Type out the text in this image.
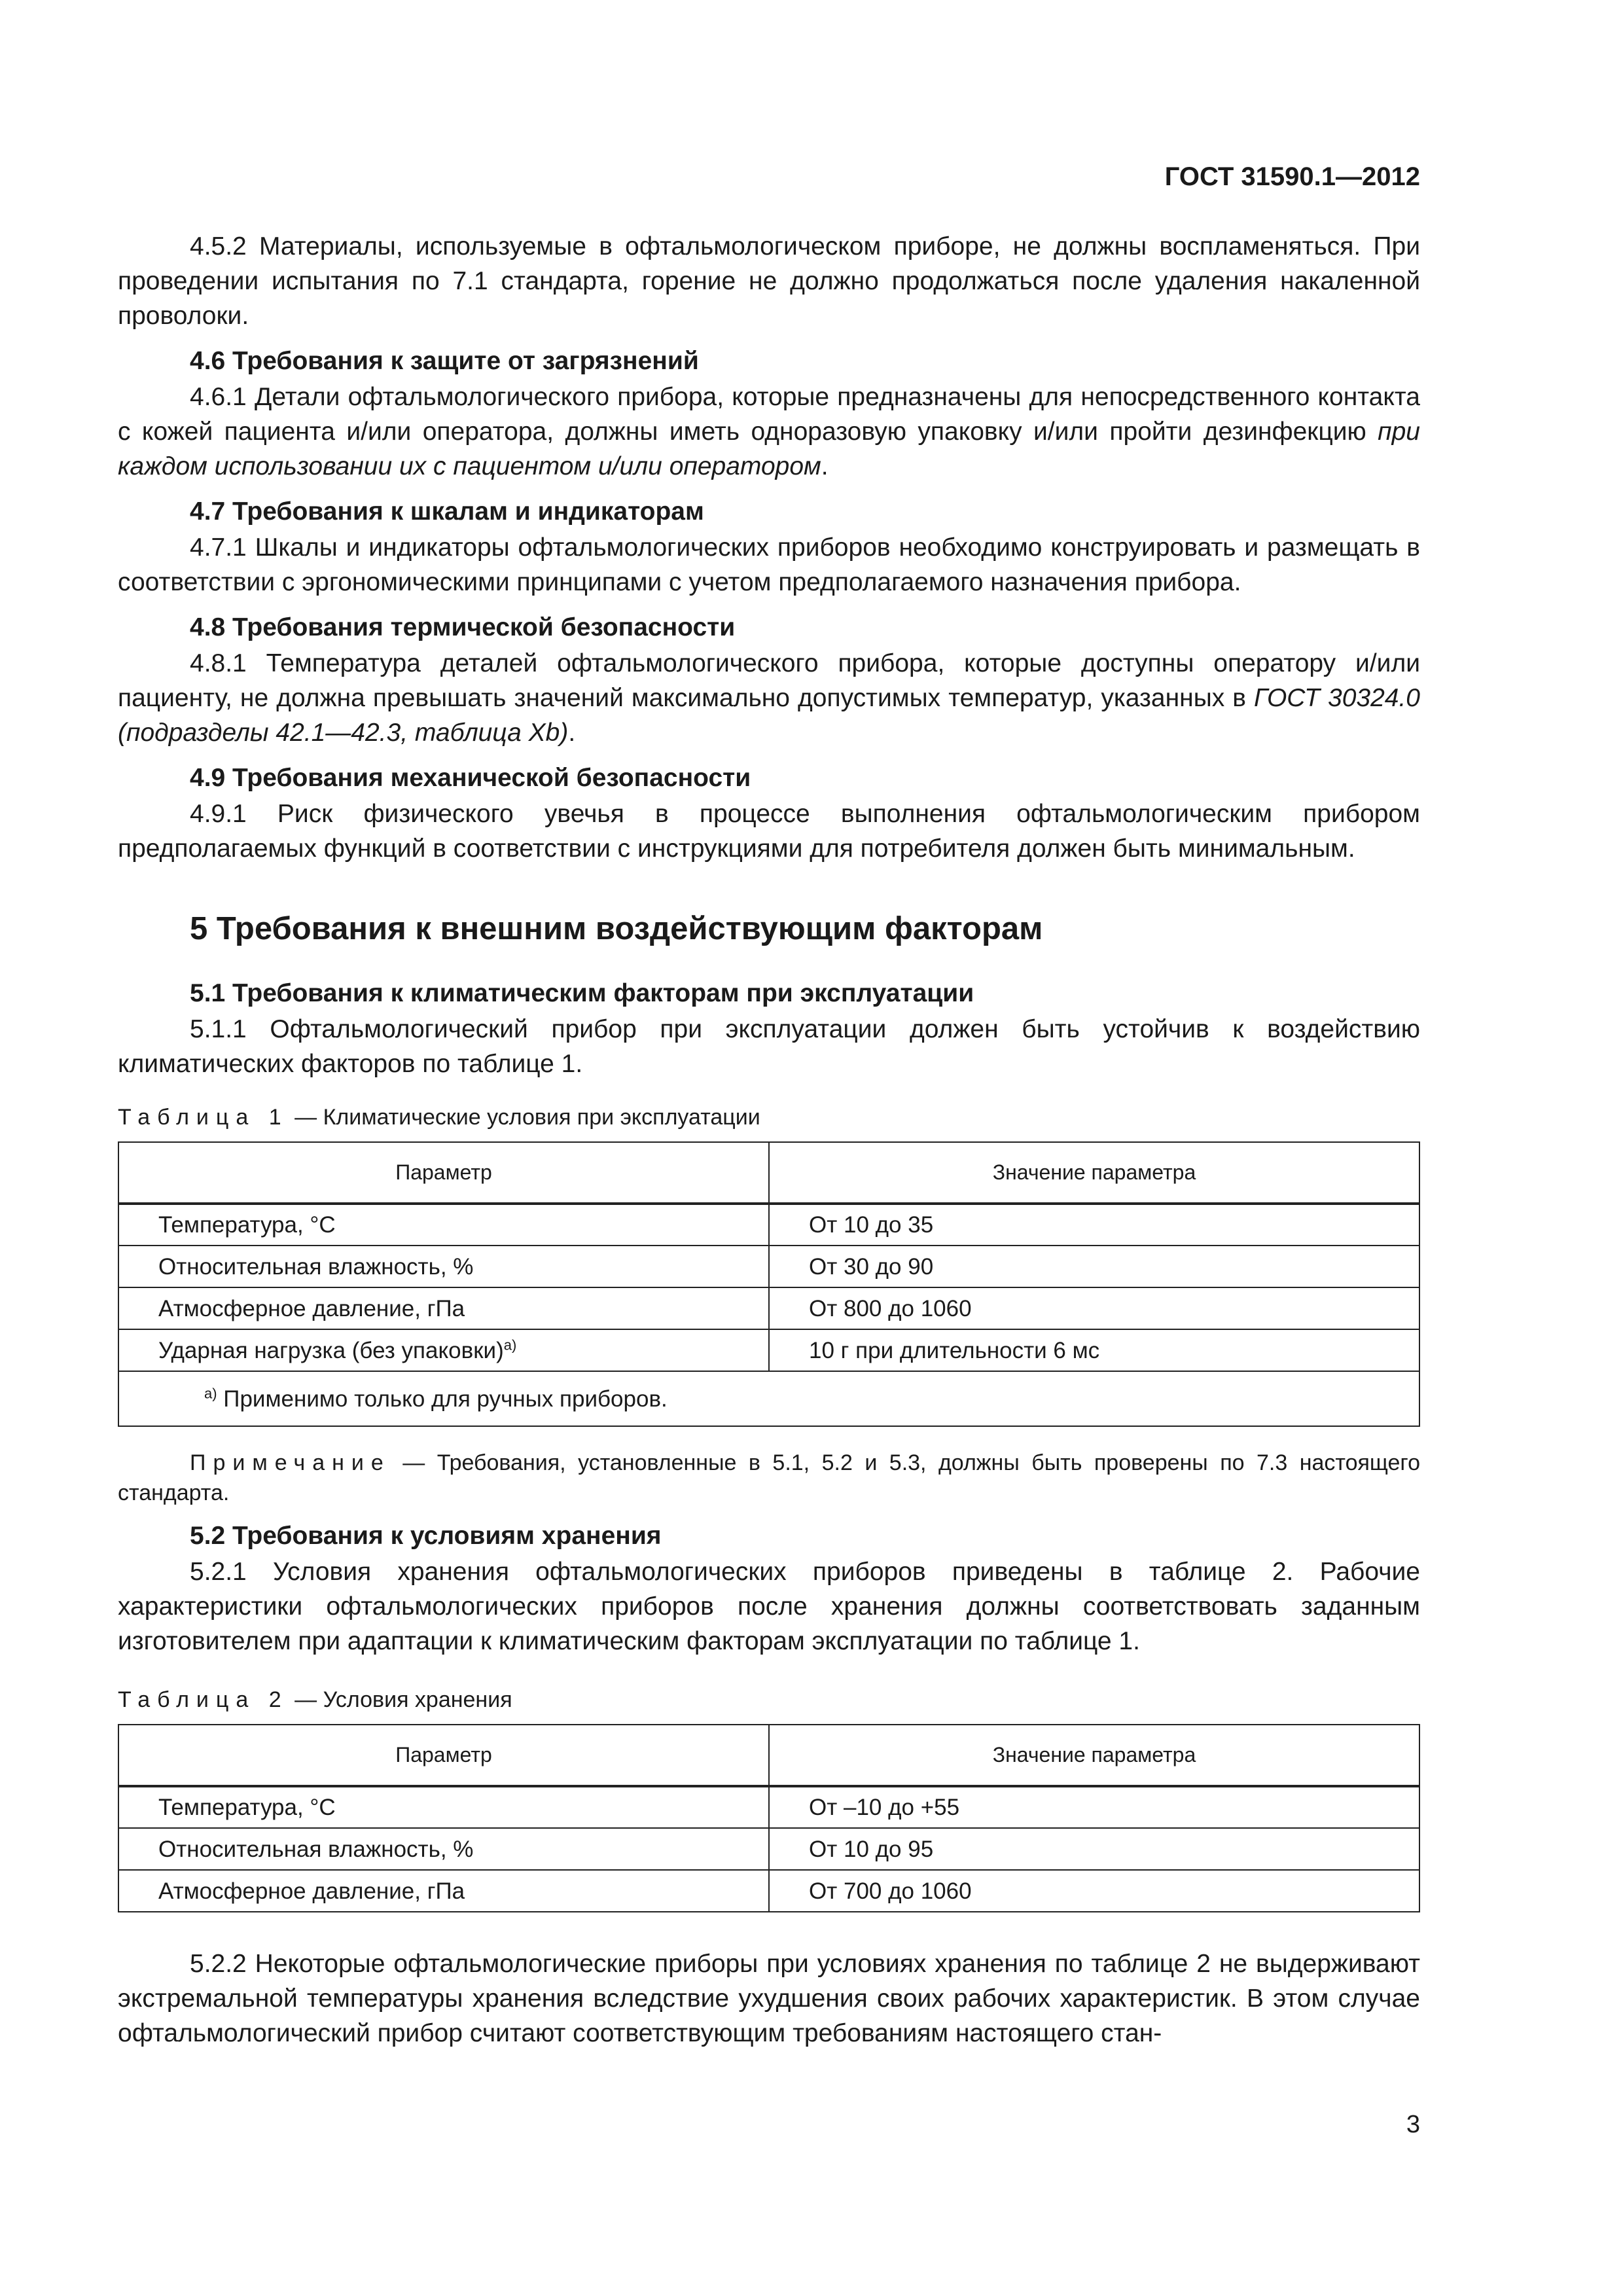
ГОСТ 31590.1—2012

4.5.2 Материалы, используемые в офтальмологическом приборе, не должны воспламеняться. При проведении испытания по 7.1 стандарта, горение не должно продолжаться после удаления накаленной проволоки.

4.6 Требования к защите от загрязнений

4.6.1 Детали офтальмологического прибора, которые предназначены для непосредственного контакта с кожей пациента и/или оператора, должны иметь одноразовую упаковку и/или пройти дезинфекцию при каждом использовании их с пациентом и/или оператором.

4.7 Требования к шкалам и индикаторам

4.7.1 Шкалы и индикаторы офтальмологических приборов необходимо конструировать и размещать в соответствии с эргономическими принципами с учетом предполагаемого назначения прибора.

4.8 Требования термической безопасности

4.8.1 Температура деталей офтальмологического прибора, которые доступны оператору и/или пациенту, не должна превышать значений максимально допустимых температур, указанных в ГОСТ 30324.0 (подразделы 42.1—42.3, таблица Xb).

4.9 Требования механической безопасности

4.9.1 Риск физического увечья в процессе выполнения офтальмологическим прибором предполагаемых функций в соответствии с инструкциями для потребителя должен быть минимальным.

5 Требования к внешним воздействующим факторам
5.1 Требования к климатическим факторам при эксплуатации

5.1.1 Офтальмологический прибор при эксплуатации должен быть устойчив к воздействию климатических факторов по таблице 1.

Таблица 1 — Климатические условия при эксплуатации
Параметр	Значение параметра
Температура, °С	От 10 до 35
Относительная влажность, %	От 30 до 90
Атмосферное давление, гПа	От 800 до 1060
Ударная нагрузка (без упаковки)$^{а)}$	10 г при длительности 6 мс
$^{а)}$ Применимо только для ручных приборов.	

Примечание — Требования, установленные в 5.1, 5.2 и 5.3, должны быть проверены по 7.3 настоящего стандарта.

5.2 Требования к условиям хранения

5.2.1 Условия хранения офтальмологических приборов приведены в таблице 2. Рабочие характеристики офтальмологических приборов после хранения должны соответствовать заданным изготовителем при адаптации к климатическим факторам эксплуатации по таблице 1.

Таблица 2 — Условия хранения
Параметр	Значение параметра
Температура, °С	От –10 до +55
Относительная влажность, %	От 10 до 95
Атмосферное давление, гПа	От 700 до 1060

5.2.2 Некоторые офтальмологические приборы при условиях хранения по таблице 2 не выдерживают экстремальной температуры хранения вследствие ухудшения своих рабочих характеристик. В этом случае офтальмологический прибор считают соответствующим требованиям настоящего стан-

3
